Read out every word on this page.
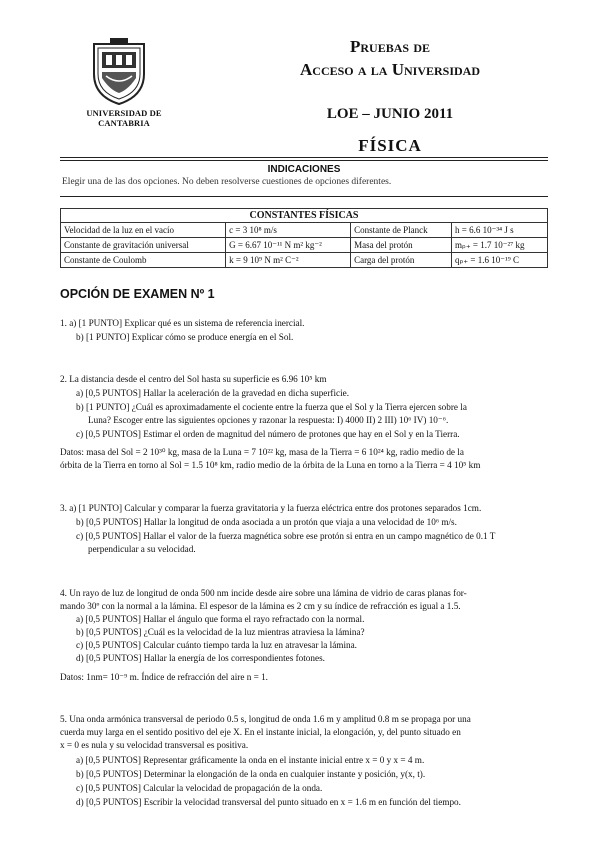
UNIVERSIDAD DE CANTABRIA
Pruebas de
Acceso a la Universidad
LOE – JUNIO 2011
FÍSICA
INDICACIONES
Elegir una de las dos opciones. No deben resolverse cuestiones de opciones diferentes.
CONSTANTES FÍSICAS			
Velocidad de la luz en el vacío	c = 3 10⁸ m/s	Constante de Planck	h = 6.6 10⁻³⁴ J s
Constante de gravitación universal	G = 6.67 10⁻¹¹ N m² kg⁻²	Masa del protón	mₚ₊ = 1.7 10⁻²⁷ kg
Constante de Coulomb	k = 9 10⁹ N m² C⁻²	Carga del protón	qₚ₊ = 1.6 10⁻¹⁹ C
OPCIÓN DE EXAMEN Nº 1
1. a) [1 PUNTO] Explicar qué es un sistema de referencia inercial.
b) [1 PUNTO] Explicar cómo se produce energía en el Sol.
2. La distancia desde el centro del Sol hasta su superficie es 6.96 10⁵ km
a) [0,5 PUNTOS] Hallar la aceleración de la gravedad en dicha superficie.
b) [1 PUNTO] ¿Cuál es aproximadamente el cociente entre la fuerza que el Sol y la Tierra ejercen sobre la
Luna? Escoger entre las siguientes opciones y razonar la respuesta: I) 4000 II) 2 III) 10⁶ IV) 10⁻⁶.
c) [0,5 PUNTOS] Estimar el orden de magnitud del número de protones que hay en el Sol y en la Tierra.
Datos: masa del Sol = 2 10³⁰ kg, masa de la Luna = 7 10²² kg, masa de la Tierra = 6 10²⁴ kg, radio medio de la
órbita de la Tierra en torno al Sol = 1.5 10⁸ km, radio medio de la órbita de la Luna en torno a la Tierra = 4 10⁵ km
3. a) [1 PUNTO] Calcular y comparar la fuerza gravitatoria y la fuerza eléctrica entre dos protones separados 1cm.
b) [0,5 PUNTOS] Hallar la longitud de onda asociada a un protón que viaja a una velocidad de 10⁶ m/s.
c) [0,5 PUNTOS] Hallar el valor de la fuerza magnética sobre ese protón si entra en un campo magnético de 0.1 T
perpendicular a su velocidad.
4. Un rayo de luz de longitud de onda 500 nm incide desde aire sobre una lámina de vidrio de caras planas for-
mando 30º con la normal a la lámina. El espesor de la lámina es 2 cm y su índice de refracción es igual a 1.5.
a) [0,5 PUNTOS] Hallar el ángulo que forma el rayo refractado con la normal.
b) [0,5 PUNTOS] ¿Cuál es la velocidad de la luz mientras atraviesa la lámina?
c) [0,5 PUNTOS] Calcular cuánto tiempo tarda la luz en atravesar la lámina.
d) [0,5 PUNTOS] Hallar la energía de los correspondientes fotones.
Datos: 1nm= 10⁻⁹ m. Índice de refracción del aire n = 1.
5. Una onda armónica transversal de periodo 0.5 s, longitud de onda 1.6 m y amplitud 0.8 m se propaga por una
cuerda muy larga en el sentido positivo del eje X. En el instante inicial, la elongación, y, del punto situado en
x = 0 es nula y su velocidad transversal es positiva.
a) [0,5 PUNTOS] Representar gráficamente la onda en el instante inicial entre x = 0 y x = 4 m.
b) [0,5 PUNTOS] Determinar la elongación de la onda en cualquier instante y posición, y(x, t).
c) [0,5 PUNTOS] Calcular la velocidad de propagación de la onda.
d) [0,5 PUNTOS] Escribir la velocidad transversal del punto situado en x = 1.6 m en función del tiempo.
